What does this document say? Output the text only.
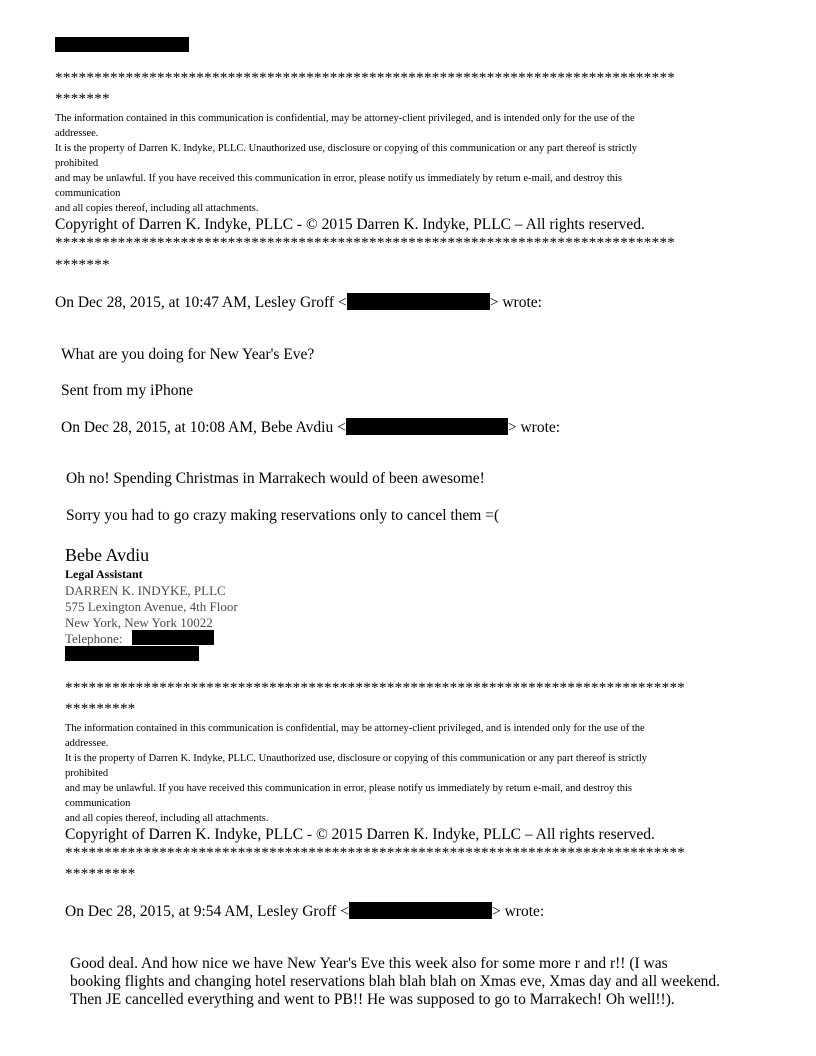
*******************************************************************************
*******
The information contained in this communication is confidential, may be attorney-client privileged, and is intended only for the use of the
addressee.
It is the property of Darren K. Indyke, PLLC. Unauthorized use, disclosure or copying of this communication or any part thereof is strictly
prohibited
and may be unlawful. If you have received this communication in error, please notify us immediately by return e-mail, and destroy this
communication
and all copies thereof, including all attachments.
Copyright of Darren K. Indyke, PLLC - © 2015 Darren K. Indyke, PLLC – All rights reserved.
*******************************************************************************
*******
On Dec 28, 2015, at 10:47 AM, Lesley Groff <	> wrote:
What are you doing for New Year's Eve?
Sent from my iPhone
On Dec 28, 2015, at 10:08 AM, Bebe Avdiu <	> wrote:
Oh no! Spending Christmas in Marrakech would of been awesome!
Sorry you had to go crazy making reservations only to cancel them =(
Bebe Avdiu
Legal Assistant
DARREN K. INDYKE, PLLC
575 Lexington Avenue, 4th Floor
New York, New York 10022
Telephone:
*******************************************************************************
*********
The information contained in this communication is confidential, may be attorney-client privileged, and is intended only for the use of the
addressee.
It is the property of Darren K. Indyke, PLLC. Unauthorized use, disclosure or copying of this communication or any part thereof is strictly
prohibited
and may be unlawful. If you have received this communication in error, please notify us immediately by return e-mail, and destroy this
communication
and all copies thereof, including all attachments.
Copyright of Darren K. Indyke, PLLC - © 2015 Darren K. Indyke, PLLC – All rights reserved.
*******************************************************************************
*********
On Dec 28, 2015, at 9:54 AM, Lesley Groff <	> wrote:
Good deal. And how nice we have New Year's Eve this week also for some more r and r!! (I was
booking flights and changing hotel reservations blah blah blah on Xmas eve, Xmas day and all weekend.
Then JE cancelled everything and went to PB!! He was supposed to go to Marrakech! Oh well!!).
